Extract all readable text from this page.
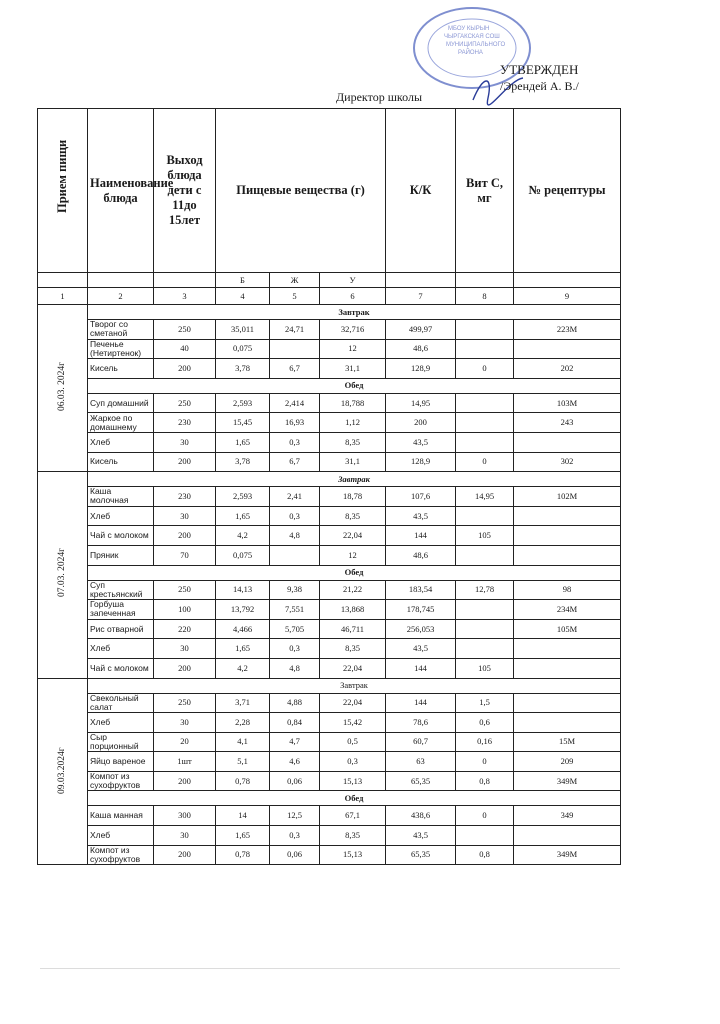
МБОУ КЫРЫН
ЧЫРГАКСКАЯ СОШ
МУНИЦИПАЛЬНОГО
РАЙОНА
УТВЕРЖДЕН
/Эрендей А. В./
Директор школы
Прием пищи	Наименование блюда	Выход блюда дети с 11до 15лет	Пищевые вещества (г)			К/К	Вит С, мг	№ рецептуры
			Б	Ж	У			
1	2	3	4	5	6	7	8	9

06.03. 2024г	Завтрак							
	Творог со сметаной	250	35,011	24,71	32,716	499,97		223М
	Печенье (Нетиртенок)	40	0,075		12	48,6		
	Кисель	200	3,78	6,7	31,1	128,9	0	202
	Обед							
	Суп домашний	250	2,593	2,414	18,788	14,95		103М
	Жаркое по домашнему	230	15,45	16,93	1,12	200		243
	Хлеб	30	1,65	0,3	8,35	43,5		
	Кисель	200	3,78	6,7	31,1	128,9	0	302

07.03. 2024г	Завтрак							
	Каша молочная	230	2,593	2,41	18,78	107,6	14,95	102М
	Хлеб	30	1,65	0,3	8,35	43,5		
	Чай с молоком	200	4,2	4,8	22,04	144	105	
	Пряник	70	0,075		12	48,6		
	Обед							
	Суп крестьянский	250	14,13	9,38	21,22	183,54	12,78	98
	Горбуша запеченная	100	13,792	7,551	13,868	178,745		234М
	Рис отварной	220	4,466	5,705	46,711	256,053		105М
	Хлеб	30	1,65	0,3	8,35	43,5		
	Чай с молоком	200	4,2	4,8	22,04	144	105	

09.03.2024г	Завтрак							
	Свекольный салат	250	3,71	4,88	22,04	144	1,5	
	Хлеб	30	2,28	0,84	15,42	78,6	0,6	
	Сыр порционный	20	4,1	4,7	0,5	60,7	0,16	15М
	Яйцо вареное	1шт	5,1	4,6	0,3	63	0	209
	Компот из сухофруктов	200	0,78	0,06	15,13	65,35	0,8	349М
	Обед							
	Каша манная	300	14	12,5	67,1	438,6	0	349
	Хлеб	30	1,65	0,3	8,35	43,5		
	Компот из сухофруктов	200	0,78	0,06	15,13	65,35	0,8	349М
